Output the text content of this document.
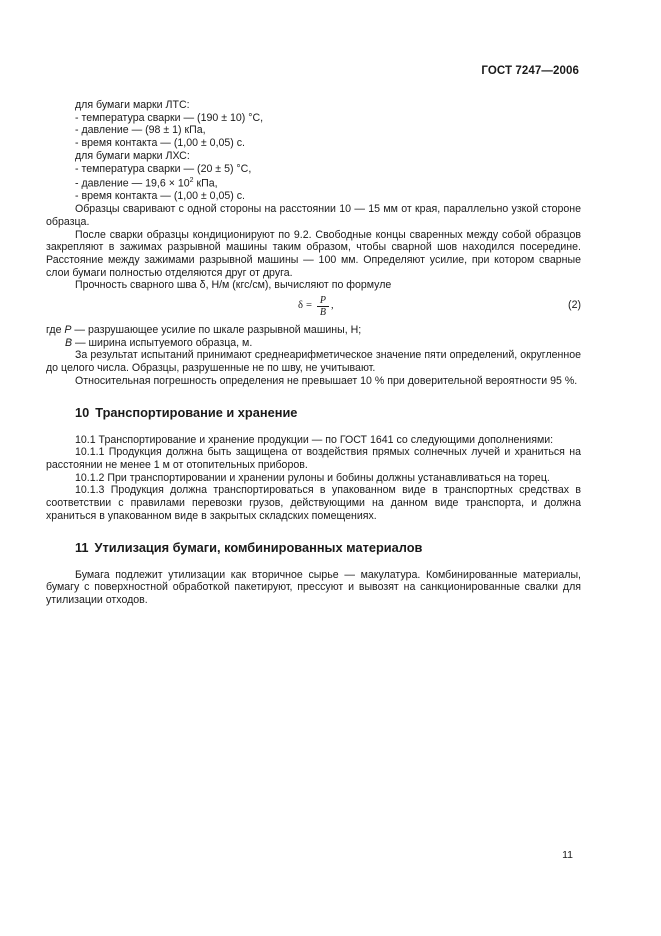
ГОСТ 7247—2006

для бумаги марки ЛТС:

- температура сварки — (190 ± 10) °С,

- давление — (98 ± 1) кПа,

- время контакта — (1,00 ± 0,05) с.

для бумаги марки ЛХС:

- температура сварки — (20 ± 5) °С,

- давление — $19,6 \times 10^2$ кПа,

- время контакта — (1,00 ± 0,05) с.

Образцы сваривают с одной стороны на расстоянии 10 — 15 мм от края, параллельно узкой стороне образца.

После сварки образцы кондиционируют по 9.2. Свободные концы сваренных между собой образцов закрепляют в зажимах разрывной машины таким образом, чтобы сварной шов находился посередине. Расстояние между зажимами разрывной машины — 100 мм. Определяют усилие, при котором сварные слои бумаги полностью отделяются друг от друга.

Прочность сварного шва δ, Н/м (кгс/см), вычисляют по формуле

$\delta = \frac{P}{B}$ ,	(2)

где P — разрушающее усилие по шкале разрывной машины, Н;

B — ширина испытуемого образца, м.

За результат испытаний принимают среднеарифметическое значение пяти определений, округленное до целого числа. Образцы, разрушенные не по шву, не учитывают.

Относительная погрешность определения не превышает 10 % при доверительной вероятности 95 %.

10 Транспортирование и хранение

10.1 Транспортирование и хранение продукции — по ГОСТ 1641 со следующими дополнениями:

10.1.1 Продукция должна быть защищена от воздействия прямых солнечных лучей и храниться на расстоянии не менее 1 м от отопительных приборов.

10.1.2 При транспортировании и хранении рулоны и бобины должны устанавливаться на торец.

10.1.3 Продукция должна транспортироваться в упакованном виде в транспортных средствах в соответствии с правилами перевозки грузов, действующими на данном виде транспорта, и должна храниться в упакованном виде в закрытых складских помещениях.

11 Утилизация бумаги, комбинированных материалов

Бумага подлежит утилизации как вторичное сырье — макулатура. Комбинированные материалы, бумагу с поверхностной обработкой пакетируют, прессуют и вывозят на санкционированные свалки для утилизации отходов.

11
